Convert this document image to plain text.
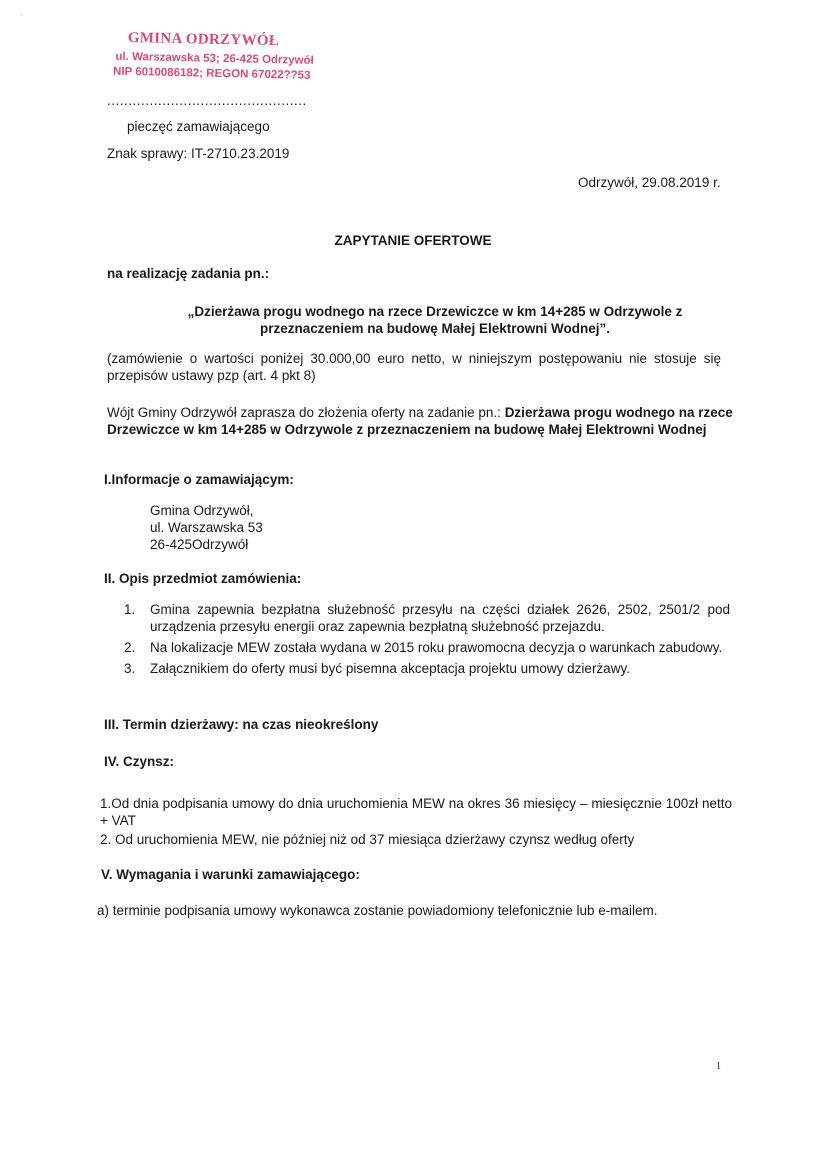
·
GMINA ODRZYWÓŁ
ul. Warszawska 53; 26-425 Odrzywół
NIP 6010086182; REGON 67022??53
...............................................
pieczęć zamawiającego
Znak sprawy: IT-2710.23.2019
Odrzywół, 29.08.2019 r.
ZAPYTANIE OFERTOWE
na realizację zadania pn.:
„Dzierżawa progu wodnego na rzece Drzewiczce w km 14+285 w Odrzywole z
przeznaczeniem na budowę Małej Elektrowni Wodnej”.
(zamówienie o wartości poniżej 30.000,00 euro netto, w niniejszym postępowaniu nie stosuje się przepisów ustawy pzp (art. 4 pkt 8)
Wójt Gminy Odrzywół zaprasza do złożenia oferty na zadanie pn.: Dzierżawa progu wodnego na rzece Drzewiczce w km 14+285 w Odrzywole z przeznaczeniem na budowę Małej Elektrowni Wodnej
I.Informacje o zamawiającym:
Gmina Odrzywół,
ul. Warszawska 53
26-425Odrzywół
II. Opis przedmiot zamówienia:
1. Gmina zapewnia bezpłatna służebność przesyłu na części działek 2626, 2502, 2501/2 pod urządzenia przesyłu energii oraz zapewnia bezpłatną służebność przejazdu.
2. Na lokalizacje MEW została wydana w 2015 roku prawomocna decyzja o warunkach zabudowy.
3. Załącznikiem do oferty musi być pisemna akceptacja projektu umowy dzierżawy.
III. Termin dzierżawy: na czas nieokreślony
IV. Czynsz:
1.Od dnia podpisania umowy do dnia uruchomienia MEW na okres 36 miesięcy – miesięcznie 100zł netto + VAT
2. Od uruchomienia MEW, nie później niż od 37 miesiąca dzierżawy czynsz według oferty
V. Wymagania i warunki zamawiającego:
a) terminie podpisania umowy wykonawca zostanie powiadomiony telefonicznie lub e-mailem.
1
